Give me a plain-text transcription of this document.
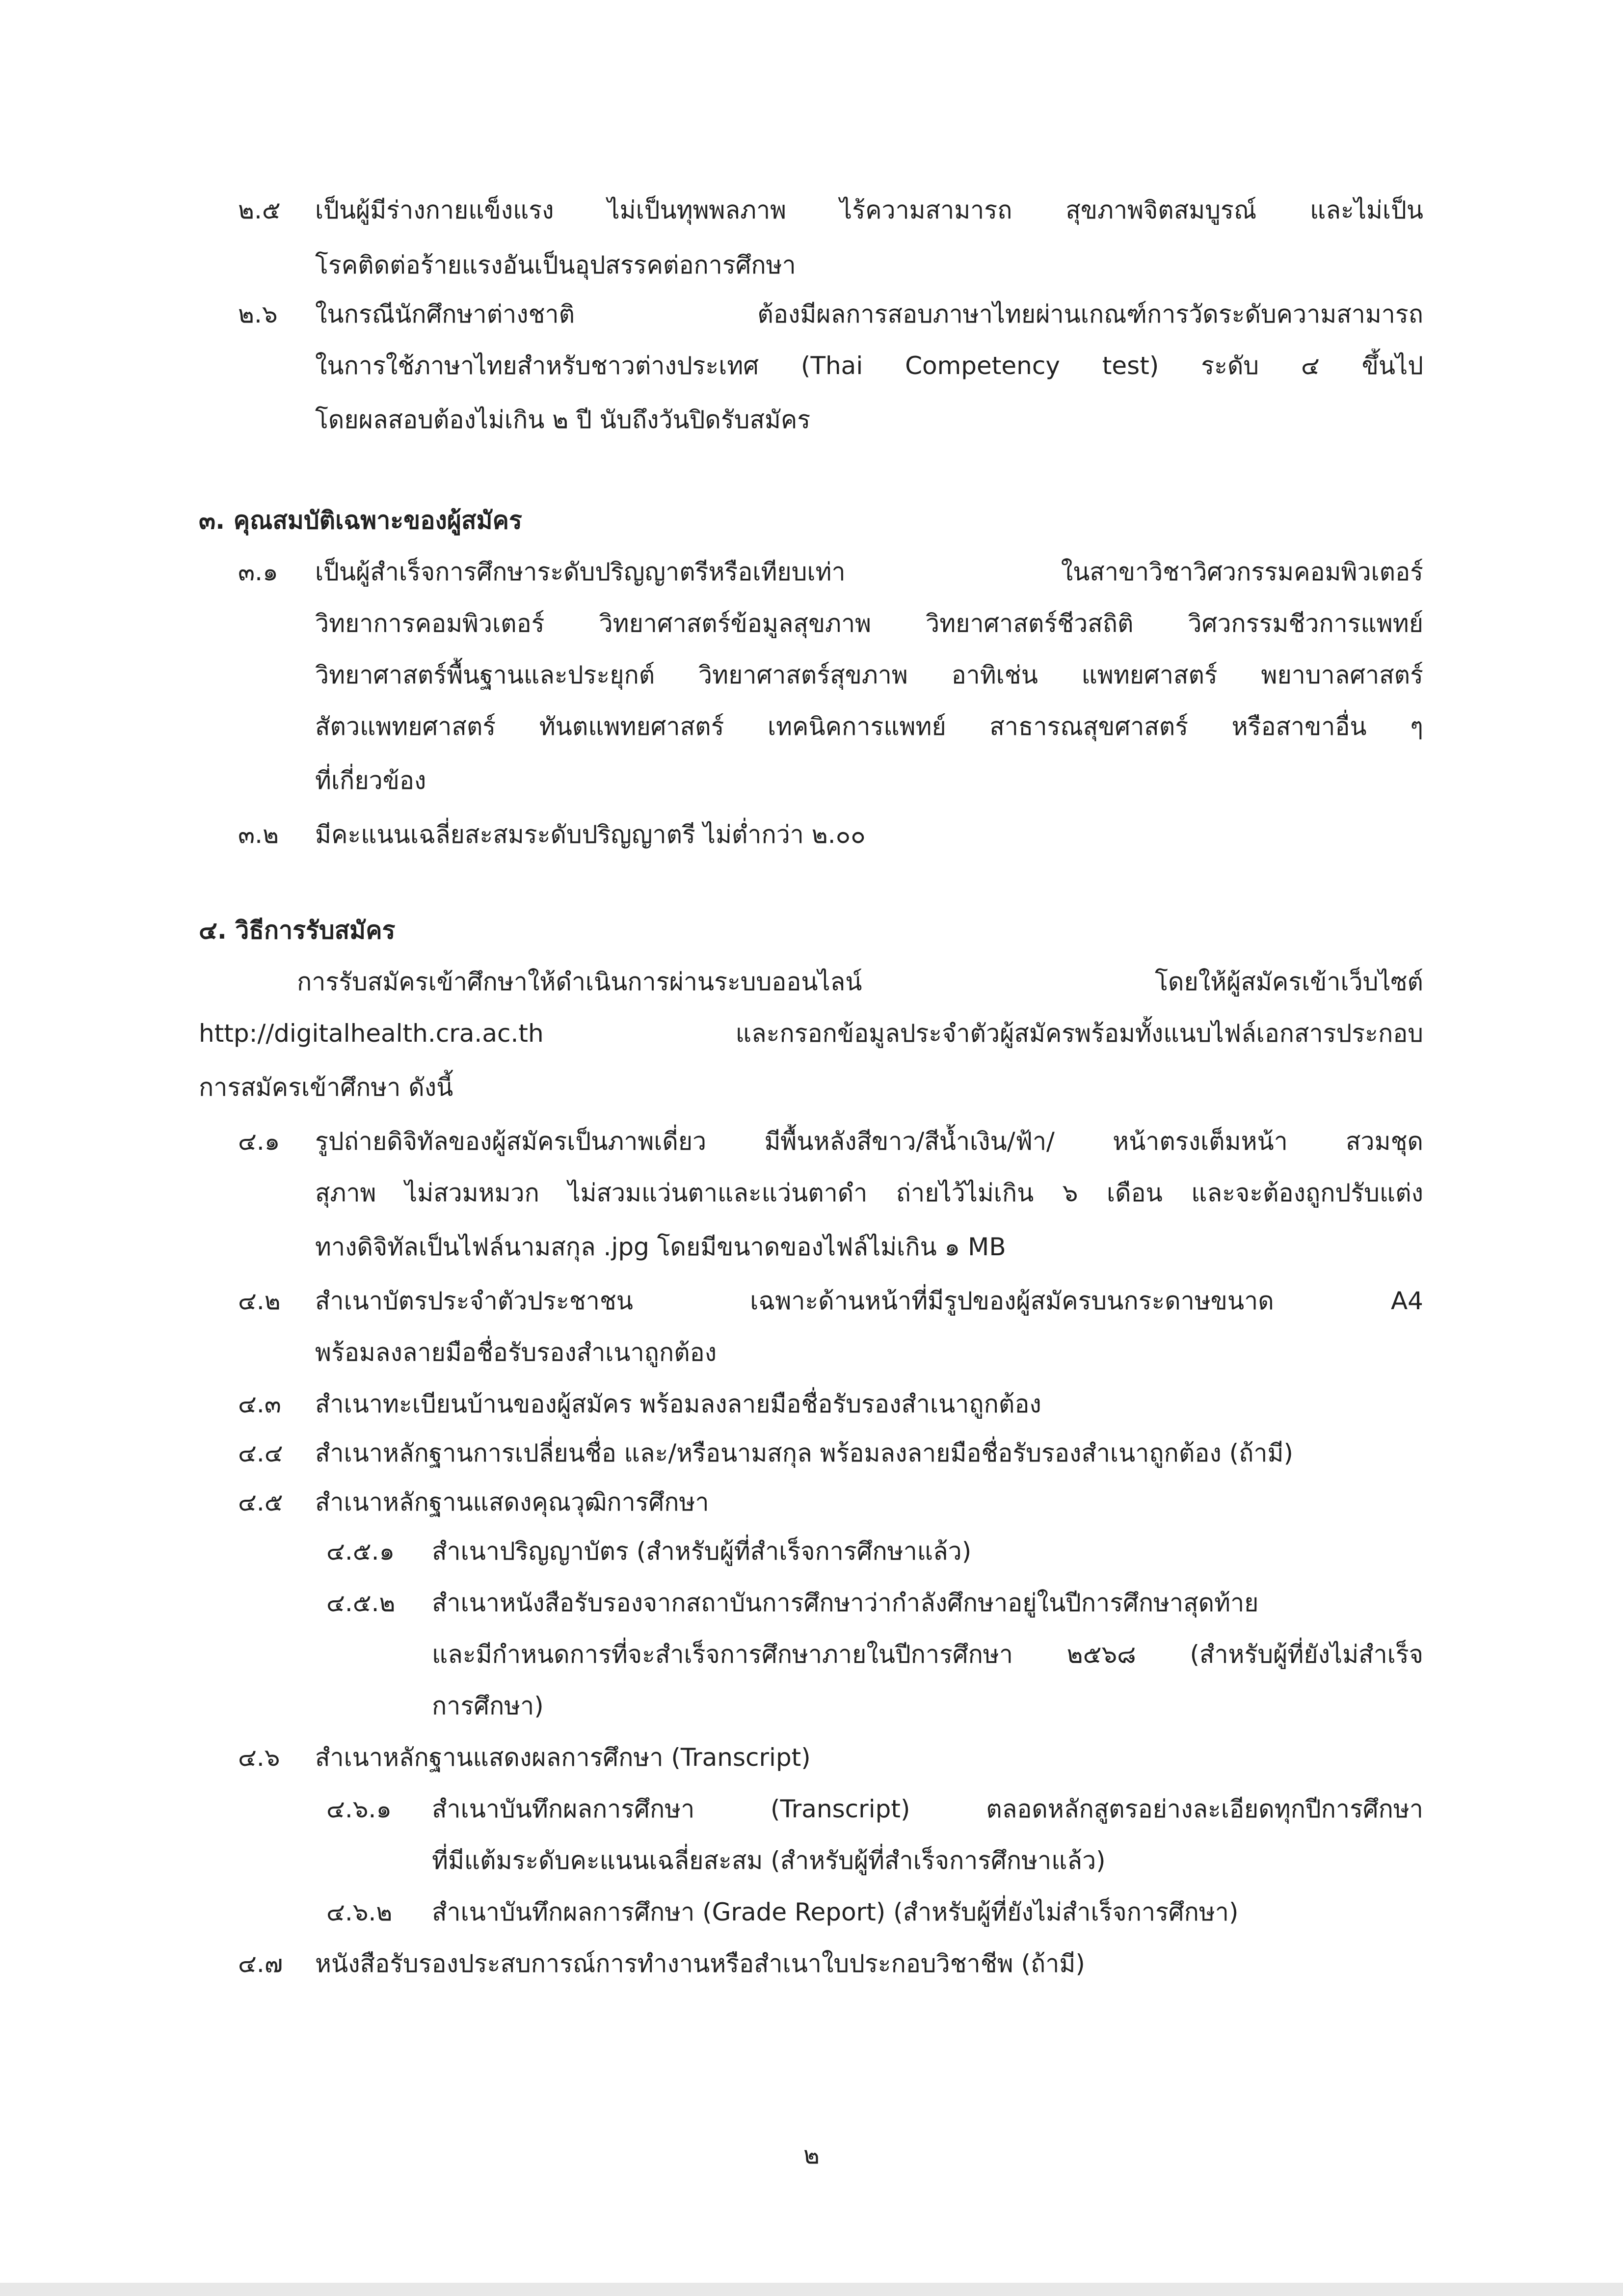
๒.๕ เป็นผู้มีร่างกายแข็งแรง ไม่เป็นทุพพลภาพ ไร้ความสามารถ สุขภาพจิตสมบูรณ์ และไม่เป็น
โรคติดต่อร้ายแรงอันเป็นอุปสรรคต่อการศึกษา
๒.๖ ในกรณีนักศึกษาต่างชาติ ต้องมีผลการสอบภาษาไทยผ่านเกณฑ์การวัดระดับความสามารถ
ในการใช้ภาษาไทยสำหรับชาวต่างประเทศ (Thai Competency test) ระดับ ๔ ขึ้นไป
โดยผลสอบต้องไม่เกิน ๒ ปี นับถึงวันปิดรับสมัคร
๓. คุณสมบัติเฉพาะของผู้สมัคร
๓.๑ เป็นผู้สำเร็จการศึกษาระดับปริญญาตรีหรือเทียบเท่า ในสาขาวิชาวิศวกรรมคอมพิวเตอร์
วิทยาการคอมพิวเตอร์ วิทยาศาสตร์ข้อมูลสุขภาพ วิทยาศาสตร์ชีวสถิติ วิศวกรรมชีวการแพทย์
วิทยาศาสตร์พื้นฐานและประยุกต์ วิทยาศาสตร์สุขภาพ อาทิเช่น แพทยศาสตร์ พยาบาลศาสตร์
สัตวแพทยศาสตร์ ทันตแพทยศาสตร์ เทคนิคการแพทย์ สาธารณสุขศาสตร์ หรือสาขาอื่น ๆ
ที่เกี่ยวข้อง
๓.๒ มีคะแนนเฉลี่ยสะสมระดับปริญญาตรี ไม่ต่ำกว่า ๒.๐๐
๔. วิธีการรับสมัคร
การรับสมัครเข้าศึกษาให้ดำเนินการผ่านระบบออนไลน์ โดยให้ผู้สมัครเข้าเว็บไซต์
http://digitalhealth.cra.ac.th และกรอกข้อมูลประจำตัวผู้สมัครพร้อมทั้งแนบไฟล์เอกสารประกอบ
การสมัครเข้าศึกษา ดังนี้
๔.๑ รูปถ่ายดิจิทัลของผู้สมัครเป็นภาพเดี่ยว มีพื้นหลังสีขาว/สีน้ำเงิน/ฟ้า/ หน้าตรงเต็มหน้า สวมชุด
สุภาพ ไม่สวมหมวก ไม่สวมแว่นตาและแว่นตาดำ ถ่ายไว้ไม่เกิน ๖ เดือน และจะต้องถูกปรับแต่ง
ทางดิจิทัลเป็นไฟล์นามสกุล .jpg โดยมีขนาดของไฟล์ไม่เกิน ๑ MB
๔.๒ สำเนาบัตรประจำตัวประชาชน เฉพาะด้านหน้าที่มีรูปของผู้สมัครบนกระดาษขนาด A4
พร้อมลงลายมือชื่อรับรองสำเนาถูกต้อง
๔.๓ สำเนาทะเบียนบ้านของผู้สมัคร พร้อมลงลายมือชื่อรับรองสำเนาถูกต้อง
๔.๔ สำเนาหลักฐานการเปลี่ยนชื่อ และ/หรือนามสกุล พร้อมลงลายมือชื่อรับรองสำเนาถูกต้อง (ถ้ามี)
๔.๕ สำเนาหลักฐานแสดงคุณวุฒิการศึกษา
๔.๕.๑ สำเนาปริญญาบัตร (สำหรับผู้ที่สำเร็จการศึกษาแล้ว)
๔.๕.๒ สำเนาหนังสือรับรองจากสถาบันการศึกษาว่ากำลังศึกษาอยู่ในปีการศึกษาสุดท้าย
และมีกำหนดการที่จะสำเร็จการศึกษาภายในปีการศึกษา ๒๕๖๘ (สำหรับผู้ที่ยังไม่สำเร็จ
การศึกษา)
๔.๖ สำเนาหลักฐานแสดงผลการศึกษา (Transcript)
๔.๖.๑ สำเนาบันทึกผลการศึกษา (Transcript) ตลอดหลักสูตรอย่างละเอียดทุกปีการศึกษา
ที่มีแต้มระดับคะแนนเฉลี่ยสะสม (สำหรับผู้ที่สำเร็จการศึกษาแล้ว)
๔.๖.๒ สำเนาบันทึกผลการศึกษา (Grade Report) (สำหรับผู้ที่ยังไม่สำเร็จการศึกษา)
๔.๗ หนังสือรับรองประสบการณ์การทำงานหรือสำเนาใบประกอบวิชาชีพ (ถ้ามี)
๒
